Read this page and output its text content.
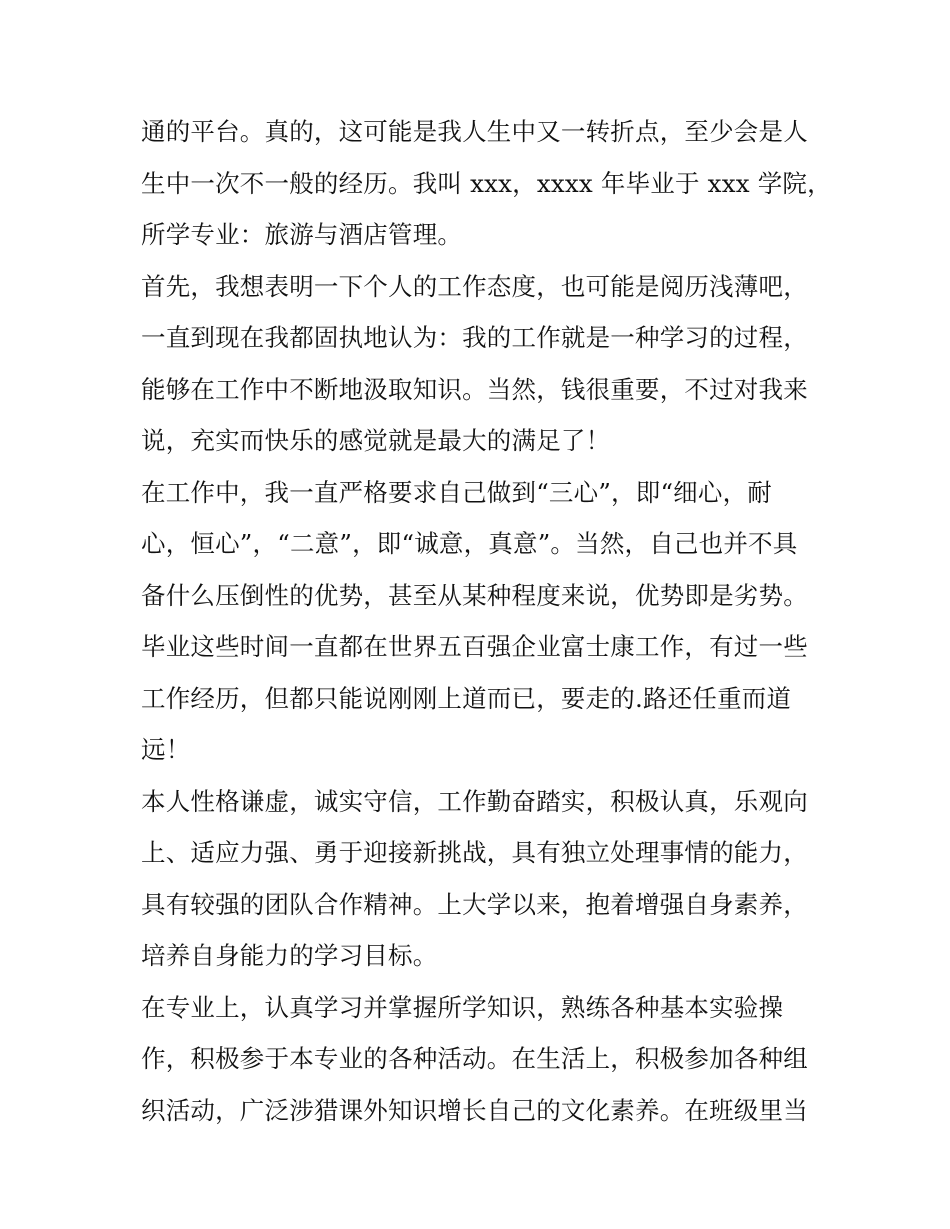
通的平台。真的，这可能是我人生中又一转折点，至少会是人
生中一次不一般的经历。我叫 xxx，xxxx 年毕业于 xxx 学院，
所学专业：旅游与酒店管理。
首先，我想表明一下个人的工作态度，也可能是阅历浅薄吧，
一直到现在我都固执地认为：我的工作就是一种学习的过程，
能够在工作中不断地汲取知识。当然，钱很重要，不过对我来
说，充实而快乐的感觉就是最大的满足了！
在工作中，我一直严格要求自己做到“三心”，即“细心，耐
心，恒心”，“二意”，即“诚意，真意”。当然，自己也并不具
备什么压倒性的优势，甚至从某种程度来说，优势即是劣势。
毕业这些时间一直都在世界五百强企业富士康工作，有过一些
工作经历，但都只能说刚刚上道而已，要走的.路还任重而道
远！
本人性格谦虚，诚实守信，工作勤奋踏实，积极认真，乐观向
上、适应力强、勇于迎接新挑战，具有独立处理事情的能力，
具有较强的团队合作精神。上大学以来，抱着增强自身素养，
培养自身能力的学习目标。
在专业上，认真学习并掌握所学知识，熟练各种基本实验操
作，积极参于本专业的各种活动。在生活上，积极参加各种组
织活动，广泛涉猎课外知识增长自己的文化素养。在班级里当
